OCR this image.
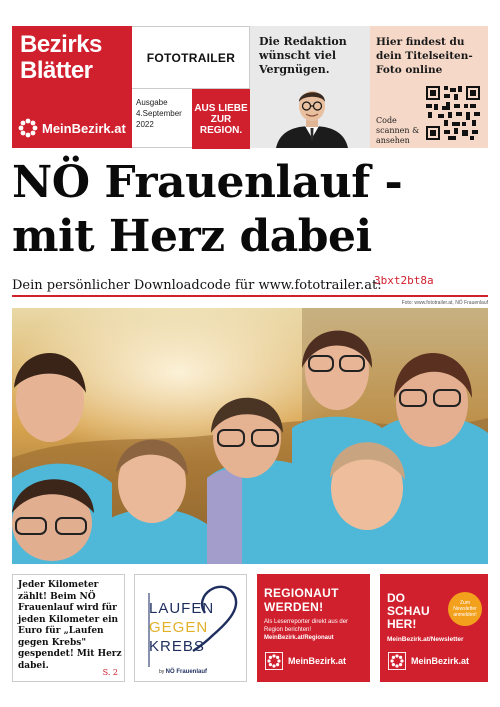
Bezirks
Blätter
MeinBezirk.at
FOTOTRAILER
Ausgabe
4.September 2022
AUS LIEBE ZUR REGION.
Die Redaktion wünscht viel Vergnügen.
Hier findest du dein Titelseiten-Foto online
Code scannen & ansehen
NÖ Frauenlauf -
mit Herz dabei
Dein persönlicher Downloadcode für www.fototrailer.at:
3bxt2bt8a
Foto: www.fototrailer.at, NÖ Frauenlauf
Jeder Kilometer zählt! Beim NÖ Frauenlauf wird für jeden Kilometer ein Euro für „Laufen gegen Krebs" gespendet! Mit Herz dabei.
S. 2
LAUFEN
GEGEN
KREBS
by NÖ Frauenlauf
REGIONAUT
WERDEN!
Als Leserreporter direkt aus der Region berichten!
MeinBezirk.at/Regionaut
MeinBezirk.at
DO
SCHAU
HER!
Zum Newsletter anmelden!
MeinBezirk.at/Newsletter
MeinBezirk.at
